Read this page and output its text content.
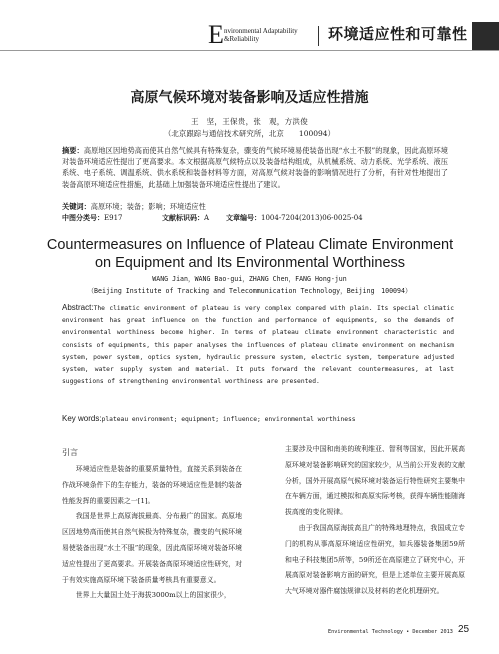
E nvironmental Adaptability
&Reliability	环境适应性和可靠性
高原气候环境对装备影响及适应性措施
王　坚，王保贵，张　观，方洪俊
（北京跟踪与通信技术研究所，北京　　100094）
摘要：高原地区因地势高而使其自然气候具有特殊复杂，骤变的气候环境易使装备出现“水土不服”的现象，因此高原环境对装备环境适应性提出了更高要求。本文根据高原气候特点以及装备结构组成，从机械系统、动力系统、光学系统、液压系统、电子系统、调温系统、供水系统和装备材料等方面，对高原气候对装备的影响情况进行了分析，有针对性地提出了装备高原环境适应性措施，此基础上加强装备环境适应性提出了建议。
关键词：高原环境；装备；影响；环境适应性
中图分类号：E917	文献标识码：A 文章编号：1004-7204(2013)06-0025-04
Countermeasures on Influence of Plateau Climate Environment on Equipment and Its Environmental Worthiness
WANG Jian，WANG Bao-gui，ZHANG Chen，FANG Hong-jun
（Beijing Institute of Tracking and Telecommunication Technology，Beijing　100094）
Abstract:The climatic environment of plateau is very complex compared with plain. Its special climatic environment has great influence on the function and performance of equipments, so the demands of environmental worthiness become higher. In terms of plateau climate environment characteristic and consists of equipments, this paper analyses the influences of plateau climate environment on mechanism system, power system, optics system, hydraulic pressure system, electric system, temperature adjusted system, water supply system and material. It puts forward the relevant countermeasures, at last suggestions of strengthening environmental worthiness are presented.
Key words:plateau environment; equipment; influence; environmental worthiness

引言

环境适应性是装备的重要质量特性，直接关系到装备在作战环境条件下的生存能力，装备的环境适应性是制约装备性能发挥的重要因素之一[1]。

我国是世界上高原海拔最高、分布最广的国家。高原地区因地势高而使其自然气候极为特殊复杂，骤变的气候环境易使装备出现“水土不服”的现象，因此高原环境对装备环境适应性提出了更高要求。开展装备高原环境适应性研究，对于有效实施高原环境下装备质量考核具有重要意义。

世界上大量国土处于海拔3000m以上的国家很少，

主要涉及中国和南美的玻利维亚、智利等国家，因此开展高原环境对装备影响研究的国家较少，从当前公开发表的文献分析，国外开展高原气候环境对装备运行特性研究主要集中在车辆方面，通过模拟和高原实际考核，获得车辆性能随海拔高度的变化规律。

由于我国高原海拔高且广的特殊地理特点，我国成立专门的机构从事高原环境适应性研究，如兵器装备集团59所和电子科技集团5所等，59所还在高原建立了研究中心，开展高原对装备影响方面的研究，但是上述单位主要开展高原大气环境对器件腐蚀规律以及材料的老化机理研究。

Environmental Technology • December 2013 25
